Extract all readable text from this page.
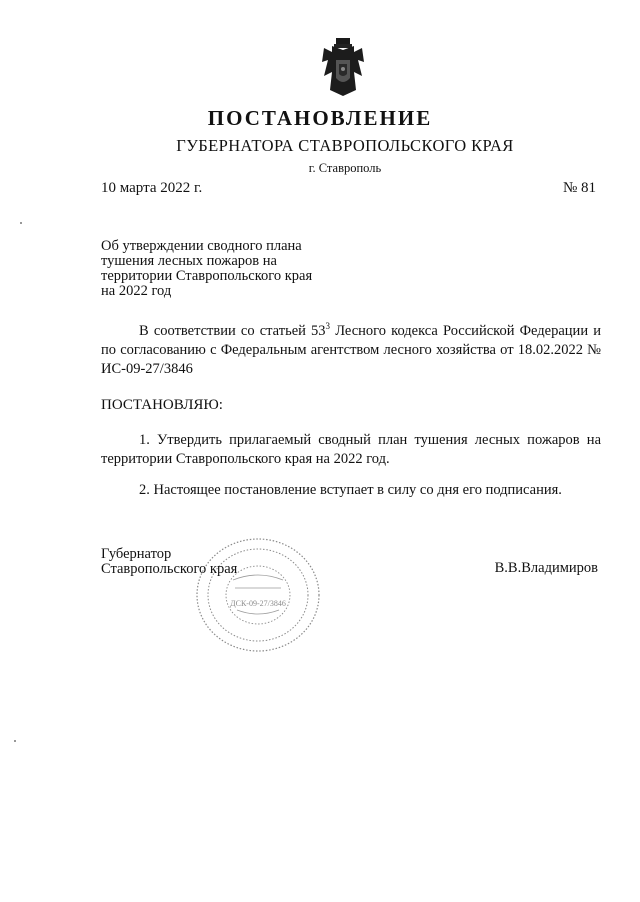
ПОСТАНОВЛЕНИЕ
ГУБЕРНАТОРА СТАВРОПОЛЬСКОГО КРАЯ
г. Ставрополь
10 марта 2022 г.	№ 81
Об утверждении сводного плана
тушения лесных пожаров на
территории Ставропольского края
на 2022 год
В соответствии со статьей $53^3$ Лесного кодекса Российской Федерации и по согласованию с Федеральным агентством лесного хозяйства от 18.02.2022 № ИС-09-27/3846
ПОСТАНОВЛЯЮ:
1. Утвердить прилагаемый сводный план тушения лесных пожаров на территории Ставропольского края на 2022 год.
2. Настоящее постановление вступает в силу со дня его подписания.
ДСК-09-27/3846
Губернатор
Ставропольского края	В.В.Владимиров
